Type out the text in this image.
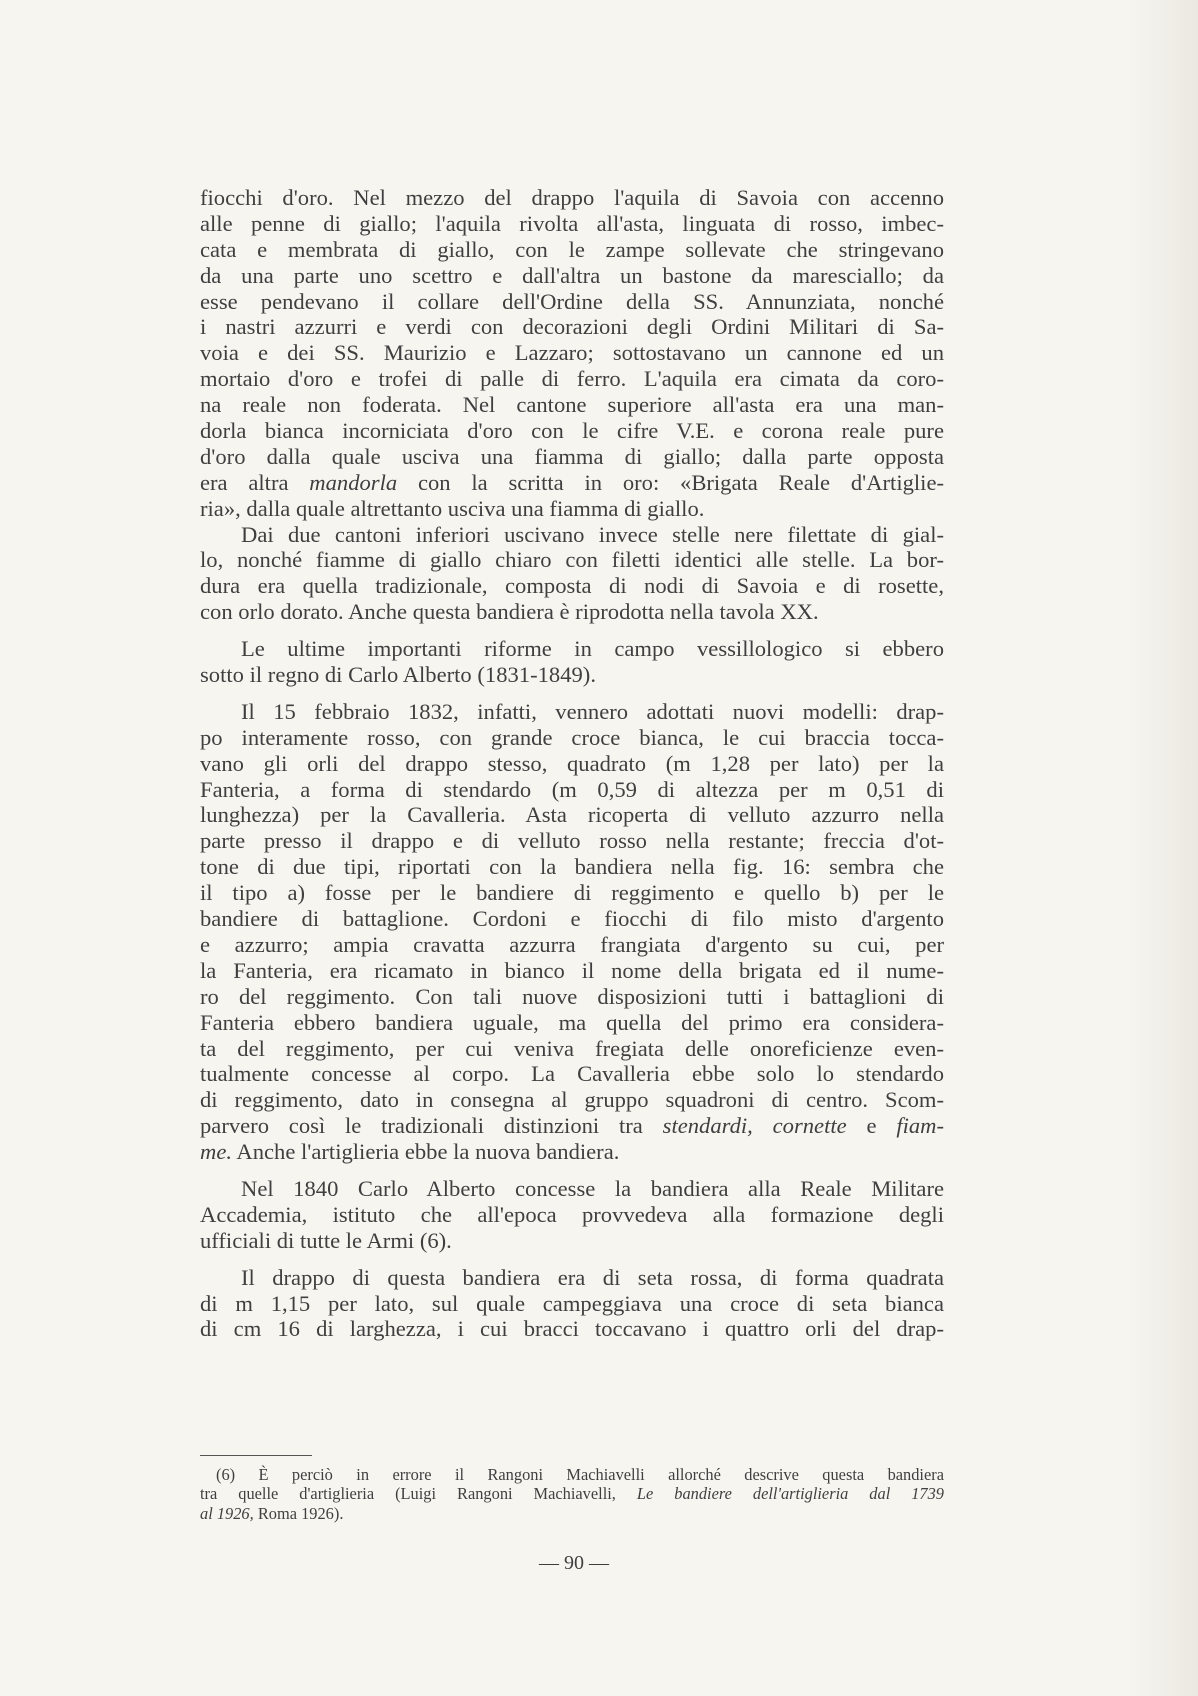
fiocchi d'oro. Nel mezzo del drappo l'aquila di Savoia con accenno
alle penne di giallo; l'aquila rivolta all'asta, linguata di rosso, imbec-
cata e membrata di giallo, con le zampe sollevate che stringevano
da una parte uno scettro e dall'altra un bastone da maresciallo; da
esse pendevano il collare dell'Ordine della SS. Annunziata, nonché
i nastri azzurri e verdi con decorazioni degli Ordini Militari di Sa-
voia e dei SS. Maurizio e Lazzaro; sottostavano un cannone ed un
mortaio d'oro e trofei di palle di ferro. L'aquila era cimata da coro-
na reale non foderata. Nel cantone superiore all'asta era una man-
dorla bianca incorniciata d'oro con le cifre V.E. e corona reale pure
d'oro dalla quale usciva una fiamma di giallo; dalla parte opposta
era altra mandorla con la scritta in oro: «Brigata Reale d'Artiglie-
ria», dalla quale altrettanto usciva una fiamma di giallo.
Dai due cantoni inferiori uscivano invece stelle nere filettate di gial-
lo, nonché fiamme di giallo chiaro con filetti identici alle stelle. La bor-
dura era quella tradizionale, composta di nodi di Savoia e di rosette,
con orlo dorato. Anche questa bandiera è riprodotta nella tavola XX.
Le ultime importanti riforme in campo vessillologico si ebbero
sotto il regno di Carlo Alberto (1831-1849).
Il 15 febbraio 1832, infatti, vennero adottati nuovi modelli: drap-
po interamente rosso, con grande croce bianca, le cui braccia tocca-
vano gli orli del drappo stesso, quadrato (m 1,28 per lato) per la
Fanteria, a forma di stendardo (m 0,59 di altezza per m 0,51 di
lunghezza) per la Cavalleria. Asta ricoperta di velluto azzurro nella
parte presso il drappo e di velluto rosso nella restante; freccia d'ot-
tone di due tipi, riportati con la bandiera nella fig. 16: sembra che
il tipo a) fosse per le bandiere di reggimento e quello b) per le
bandiere di battaglione. Cordoni e fiocchi di filo misto d'argento
e azzurro; ampia cravatta azzurra frangiata d'argento su cui, per
la Fanteria, era ricamato in bianco il nome della brigata ed il nume-
ro del reggimento. Con tali nuove disposizioni tutti i battaglioni di
Fanteria ebbero bandiera uguale, ma quella del primo era considera-
ta del reggimento, per cui veniva fregiata delle onoreficienze even-
tualmente concesse al corpo. La Cavalleria ebbe solo lo stendardo
di reggimento, dato in consegna al gruppo squadroni di centro. Scom-
parvero così le tradizionali distinzioni tra stendardi, cornette e fiam-
me. Anche l'artiglieria ebbe la nuova bandiera.
Nel 1840 Carlo Alberto concesse la bandiera alla Reale Militare
Accademia, istituto che all'epoca provvedeva alla formazione degli
ufficiali di tutte le Armi (6).
Il drappo di questa bandiera era di seta rossa, di forma quadrata
di m 1,15 per lato, sul quale campeggiava una croce di seta bianca
di cm 16 di larghezza, i cui bracci toccavano i quattro orli del drap-
(6) È perciò in errore il Rangoni Machiavelli allorché descrive questa bandiera
tra quelle d'artiglieria (Luigi Rangoni Machiavelli, Le bandiere dell'artiglieria dal 1739
al 1926, Roma 1926).
— 90 —
